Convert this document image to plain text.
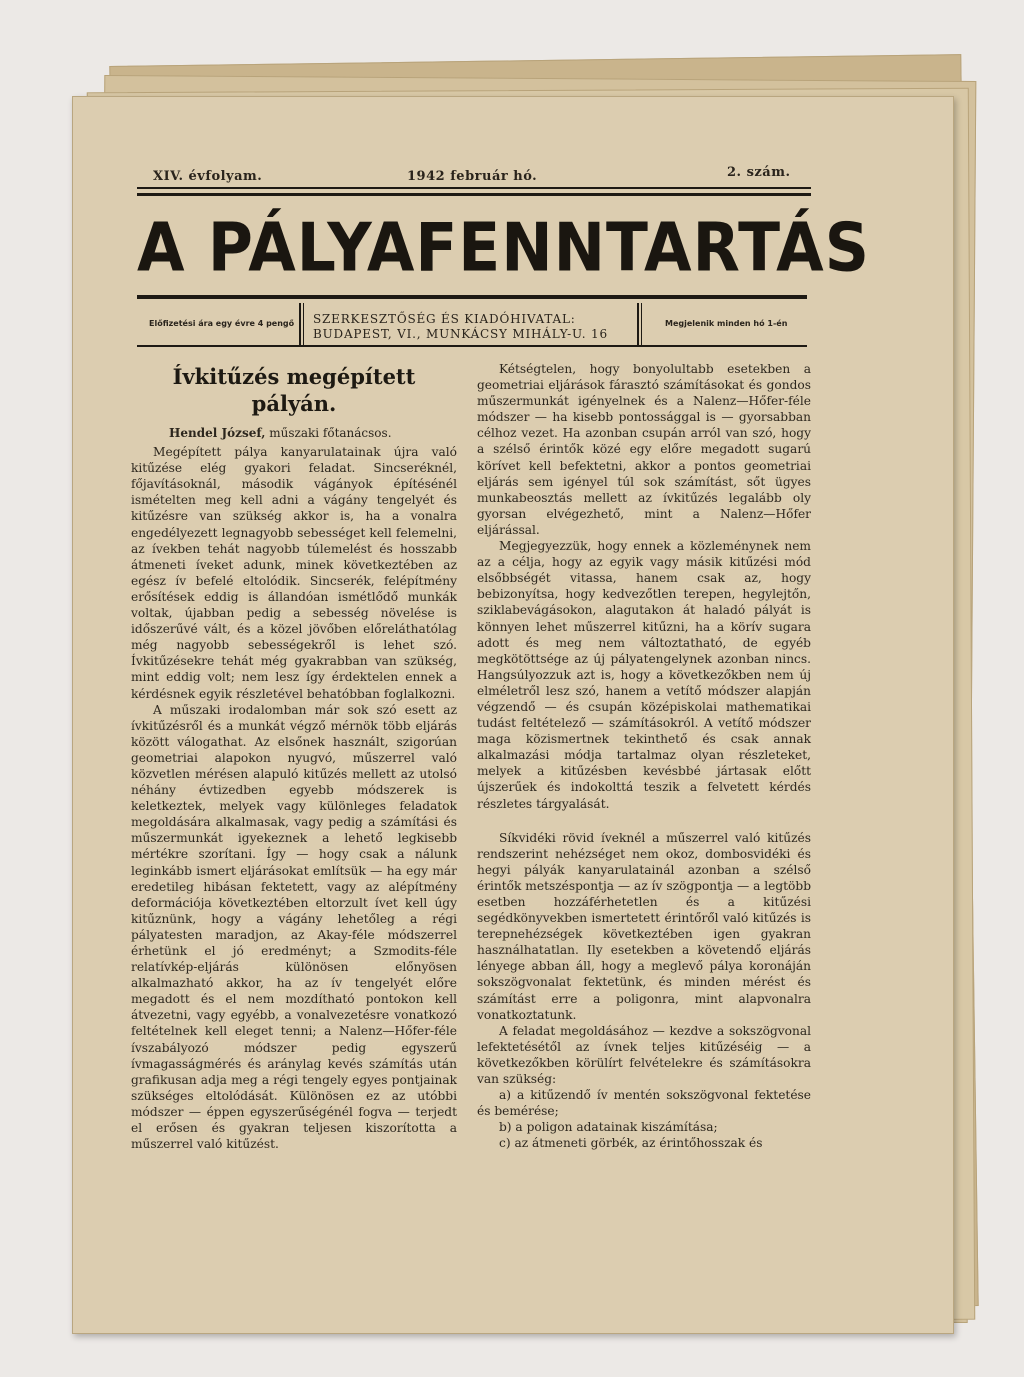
XIV. évfolyam.	1942 február hó.	2. szám.
A PÁLYAFENNTARTÁS
Előfizetési ára egy évre 4 pengő SZERKESZTŐSÉG ÉS KIADÓHIVATAL:
BUDAPEST, VI., MUNKÁCSY MIHÁLY-U. 16
Megjelenik minden hó 1-én
Ívkitűzés megépített pályán.
Hendel József, műszaki főtanácsos.

Megépített pálya kanyarulatainak újra való kitűzése elég gyakori feladat. Sincseréknél, főjavításoknál, második vágányok építésénél ismételten meg kell adni a vágány tengelyét és kitűzésre van szükség akkor is, ha a vonalra engedélyezett legnagyobb sebességet kell felemelni, az ívekben tehát nagyobb túlemelést és hosszabb átmeneti íveket adunk, minek következtében az egész ív befelé eltolódik. Sincserék, felépítmény erősítések eddig is állandóan ismétlődő munkák voltak, újabban pedig a sebesség növelése is időszerűvé vált, és a közel jövőben előreláthatólag még nagyobb sebességekről is lehet szó. Ívkitűzésekre tehát még gyakrabban van szükség, mint eddig volt; nem lesz így érdektelen ennek a kérdésnek egyik részletével behatóbban foglalkozni.

A műszaki irodalomban már sok szó esett az ívkitűzésről és a munkát végző mérnök több eljárás között válogathat. Az elsőnek használt, szigorúan geometriai alapokon nyugvó, műszerrel való közvetlen mérésen alapuló kitűzés mellett az utolsó néhány évtizedben egyebb módszerek is keletkeztek, melyek vagy különleges feladatok megoldására alkalmasak, vagy pedig a számítási és műszermunkát igyekeznek a lehető legkisebb mértékre szorítani. Így — hogy csak a nálunk leginkább ismert eljárásokat említsük — ha egy már eredetileg hibásan fektetett, vagy az alépítmény deformációja következtében eltorzult ívet kell úgy kitűznünk, hogy a vágány lehetőleg a régi pályatesten maradjon, az Akay-féle módszerrel érhetünk el jó eredményt; a Szmodits-féle relatívkép-eljárás különösen előnyösen alkalmazható akkor, ha az ív tengelyét előre megadott és el nem mozdítható pontokon kell átvezetni, vagy egyébb, a vonalvezetésre vonatkozó feltételnek kell eleget tenni; a Nalenz—Hőfer-féle ívszabályozó módszer pedig egyszerű ívmagasságmérés és aránylag kevés számítás után grafikusan adja meg a régi tengely egyes pontjainak szükséges eltolódását. Különösen ez az utóbbi módszer — éppen egyszerűségénél fogva — terjedt el erősen és gyakran teljesen kiszorította a műszerrel való kitűzést.

Kétségtelen, hogy bonyolultabb esetekben a geometriai eljárások fárasztó számításokat és gondos műszermunkát igényelnek és a Nalenz—Hőfer-féle módszer — ha kisebb pontossággal is — gyorsabban célhoz vezet. Ha azonban csupán arról van szó, hogy a szélső érintők közé egy előre megadott sugarú körívet kell befektetni, akkor a pontos geometriai eljárás sem igényel túl sok számítást, sőt ügyes munkabeosztás mellett az ívkitűzés legalább oly gyorsan elvégezhető, mint a Nalenz—Hőfer eljárással.

Megjegyezzük, hogy ennek a közleménynek nem az a célja, hogy az egyik vagy másik kitűzési mód elsőbbségét vitassa, hanem csak az, hogy bebizonyítsa, hogy kedvezőtlen terepen, hegylejtőn, sziklabevágásokon, alagutakon át haladó pályát is könnyen lehet műszerrel kitűzni, ha a körív sugara adott és meg nem változtatható, de egyéb megkötöttsége az új pályatengelynek azonban nincs. Hangsúlyozzuk azt is, hogy a következőkben nem új elméletről lesz szó, hanem a vetítő módszer alapján végzendő — és csupán középiskolai mathematikai tudást feltételező — számításokról. A vetítő módszer maga közismertnek tekinthető és csak annak alkalmazási módja tartalmaz olyan részleteket, melyek a kitűzésben kevésbbé jártasak előtt újszerűek és indokolttá teszik a felvetett kérdés részletes tárgyalását.

Síkvidéki rövid íveknél a műszerrel való kitűzés rendszerint nehézséget nem okoz, dombosvidéki és hegyi pályák kanyarulatainál azonban a szélső érintők metszéspontja — az ív szögpontja — a legtöbb esetben hozzáférhetetlen és a kitűzési segédkönyvekben ismertetett érintőről való kitűzés is terepnehézségek következtében igen gyakran használhatatlan. Ily esetekben a követendő eljárás lényege abban áll, hogy a meglevő pálya koronáján sokszögvonalat fektetünk, és minden mérést és számítást erre a poligonra, mint alapvonalra vonatkoztatunk.

A feladat megoldásához — kezdve a sokszögvonal lefektetésétől az ívnek teljes kitűzéséig — a következőkben körülírt felvételekre és számításokra van szükség:

a) a kitűzendő ív mentén sokszögvonal fektetése és bemérése;

b) a poligon adatainak kiszámítása;

c) az átmeneti görbék, az érintőhosszak és
